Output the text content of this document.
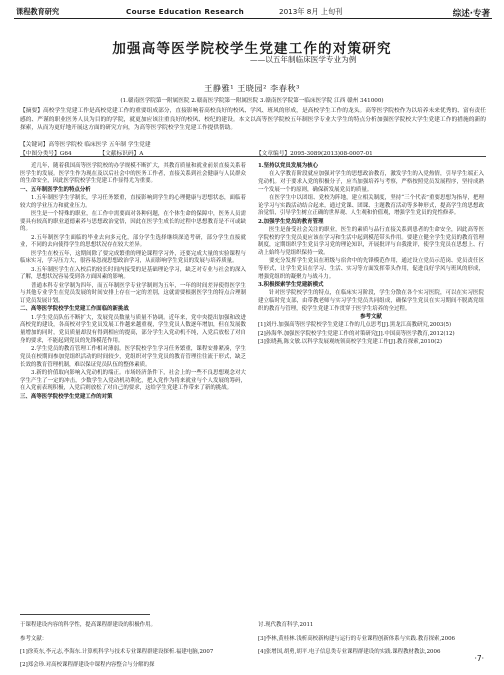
课程教育研究	Course Education Research	2013年 8月 上旬刊	综述·专著
加强高等医学院校学生党建工作的对策研究
——以五年制临床医学专业为例
王静雅¹ 王晓园² 李春秋³
(1.赣南医学院第一附属医院 2.赣南医学院第一附属医院 3.赣南医学院第一临床医学院 江西 赣州 341000)
【摘要】高校学生党建工作是高校党建工作的重要组成部分，直接影响着高校良好的校风、学风、班风的形成，是高校学生工作的龙头。高等医学院校作为以培养未来优秀的、富有责任感的、严谨的职业医务人员为目的的学院，就更加应该注重良好的校风、校纪的建设。本文以高等医学院校五年制医学专业大学生的特点分析加强医学院校大学生党建工作的措施的新的探索，从而为更好地开展这方面的研究方向，为高等医学院校学生党建工作提供帮助。
【关键词】高等医学院校 临床医学 五年制 学生党建
【中图分类号】G64	【文献标识码】A	【文章编号】2095-3089(2013)08-0007-01

近几年，随着我国高等医学院校的办学规模不断扩大，其教育质量和就业前景直接关系着医学生的发展。医学生作为现在及以后社会中的医务工作者，直接关系到社会健康与人民群众的生命安全，因此医学院校学生党建工作显得尤为重要。

一、五年制医学生的特点分析

1.五年制医学生学制长，学习任务繁重，直接影响到学生的心理健康与思想状态，面临着较大的学业压力和就业压力。

医生是一个特殊的职业，在工作中需要面对各种问题，在个体生命的保障中，医务人员需要具有较高的职业道德素养与思想政治觉悟，因此在医学生成长的过程中思想教育是不可或缺的。

2.五年制医学生面临的毕业去向多元化，部分学生选择继续深造考研，部分学生直接就业，不同的去向使得学生的思想状况存在较大差异。

医学生在校五年，这期间除了要完成繁重的理论课程学习外，还要完成大量的实验课程与临床实习，学习压力大，很容易忽视思想政治学习，从而影响学生党员的发展与培养质量。

3.五年制医学生在入校后的较长时间内接受的是基础理论学习，缺乏对专业与社会的深入了解，思想状况容易受到各方面因素的影响。

普通本科专业学制为四年，而五年制医学专业学制则为五年，一年的时间差异使得医学生与其他专业学生在党员发展的时间安排上存在一定的差别，这就需要根据医学生的特点合理制订党员发展计划。

二、高等医学院校学生党建工作面临的新挑战

1.学生党员队伍不断扩大，发展党员数量与质量不协调。近年来，党中央提出加强和改进高校党的建设，各高校对学生党员发展工作越来越重视，学生党员人数逐年增加，但在发展数量增加的同时，党员质量却没有得到相应的提高，部分学生入党动机不纯，入党后放松了对自身的要求，不能起到党员的先锋模范作用。

2.学生党员的教育管理工作相对薄弱。医学院校学生学习任务繁重，课程安排紧凑，学生党员在校期间参加党组织活动的时间较少，党组织对学生党员的教育管理往往流于形式，缺乏长效的教育管理机制，难以保证党员队伍的整体素质。

3.新的价值取向影响入党动机的端正。市场经济条件下，社会上的一些不良思想观念对大学生产生了一定的冲击，少数学生入党动机功利化，把入党作为将来就业与个人发展的筹码，在入党前表现积极，入党后则放松了对自己的要求，这给学生党建工作带来了新的挑战。

三、高等医学院校学生党建工作的对策

1.坚持以党员发展为核心

在入学教育阶段就应加强对学生的思想政治教育，激发学生的入党热情，引导学生端正入党动机。对于要求入党的积极分子，应当加强培养与考察，严格按照党员发展程序，坚持成熟一个发展一个的原则，确保新发展党员的质量。

在医学生中以团组、党校为阵地，建立相关制度，坚持“三个代表”重要思想为指导，把理论学习与实践活动结合起来，通过党课、团课、主题教育活动等多种形式，提高学生的思想政治觉悟，引导学生树立正确的世界观、人生观和价值观，增强学生党员的党性修养。

2.加强学生党员的教育管理

医生是备受社会关注的职业，医生的素质与品行直接关系到患者的生命安全，因此高等医学院校的学生党员更应该在学习和生活中起到模范带头作用。要建立健全学生党员的教育管理制度，定期组织学生党员学习党的理论知识，开展批评与自我批评，使学生党员在思想上、行动上始终与党组织保持一致。

要充分发挥学生党员在班级与宿舍中的先锋模范作用，通过设立党员示范岗、党员责任区等形式，让学生党员在学习、生活、实习等方面发挥带头作用，促进良好学风与班风的形成，增强党组织的凝聚力与战斗力。

3.积极探索学生党建新模式

针对医学院校学生的特点，在临床实习阶段，学生分散在各个实习医院，可以在实习医院建立临时党支部，由带教老师与实习学生党员共同组成，确保学生党员在实习期间不脱离党组织的教育与管理，使学生党建工作贯穿于医学生培养的全过程。

参考文献

[1]刘丹.加强高等医学院校学生党建工作的几点思考[J].黑龙江高教研究,2003(5)

[2]孙海华.加强医学院校学生党建工作的对策研究[J].中国高等医学教育,2012(12)

[3]张晓燕,陈文敏.以科学发展观统领高校学生党建工作[J].教育探索,2010(2)

于课程建设内容的科学性，提高课程群建设的积极作用。

参考文献：

[1]徐英东,李元志,李海东.计算机科学与技术专业课程群建设探析.福建电脑,2007

[2]郑会珍.对高校课程群建设中课程内容整合与分解的探

讨.现代教育科学,2011

[3]李林,黄桂林.浅析高校新构建与运行的专业课程创新体系与实践.教育探索,2006

[4]张增国,胡勇,胡平.电子信息类专业课程群建设的实践.课程教材教法,2006

·7·
